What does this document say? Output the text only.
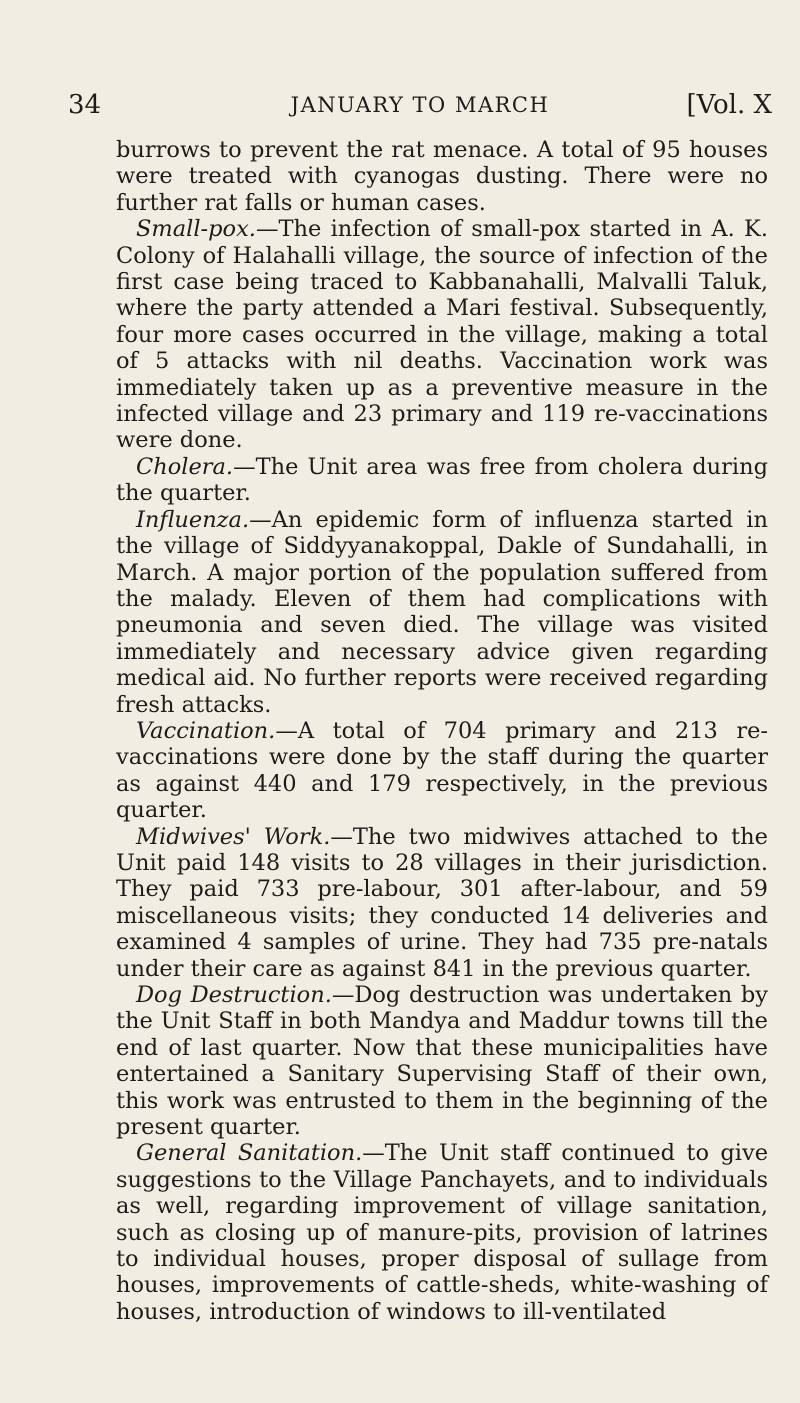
34	JANUARY TO MARCH	[Vol. X

burrows to prevent the rat menace. A total of 95 houses were treated with cyanogas dusting. There were no further rat falls or human cases.

Small-pox.—The infection of small-pox started in A. K. Colony of Halahalli village, the source of infection of the first case being traced to Kabbanahalli, Malvalli Taluk, where the party attended a Mari festival. Subsequently, four more cases occurred in the village, making a total of 5 attacks with nil deaths. Vaccination work was immediately taken up as a preventive measure in the infected village and 23 primary and 119 re-vaccinations were done.

Cholera.—The Unit area was free from cholera during the quarter.

Influenza.—An epidemic form of influenza started in the village of Siddyyanakoppal, Dakle of Sundahalli, in March. A major portion of the population suffered from the malady. Eleven of them had complications with pneumonia and seven died. The village was visited immediately and necessary advice given regarding medical aid. No further reports were received regarding fresh attacks.

Vaccination.—A total of 704 primary and 213 re-vaccinations were done by the staff during the quarter as against 440 and 179 respectively, in the previous quarter.

Midwives' Work.—The two midwives attached to the Unit paid 148 visits to 28 villages in their jurisdiction. They paid 733 pre-labour, 301 after-labour, and 59 miscellaneous visits; they conducted 14 deliveries and examined 4 samples of urine. They had 735 pre-natals under their care as against 841 in the previous quarter.

Dog Destruction.—Dog destruction was undertaken by the Unit Staff in both Mandya and Maddur towns till the end of last quarter. Now that these municipalities have entertained a Sanitary Supervising Staff of their own, this work was entrusted to them in the beginning of the present quarter.

General Sanitation.—The Unit staff continued to give suggestions to the Village Panchayets, and to individuals as well, regarding improvement of village sanitation, such as closing up of manure-pits, provision of latrines to individual houses, proper disposal of sullage from houses, improvements of cattle-sheds, white-washing of houses, introduction of windows to ill-ventilated
